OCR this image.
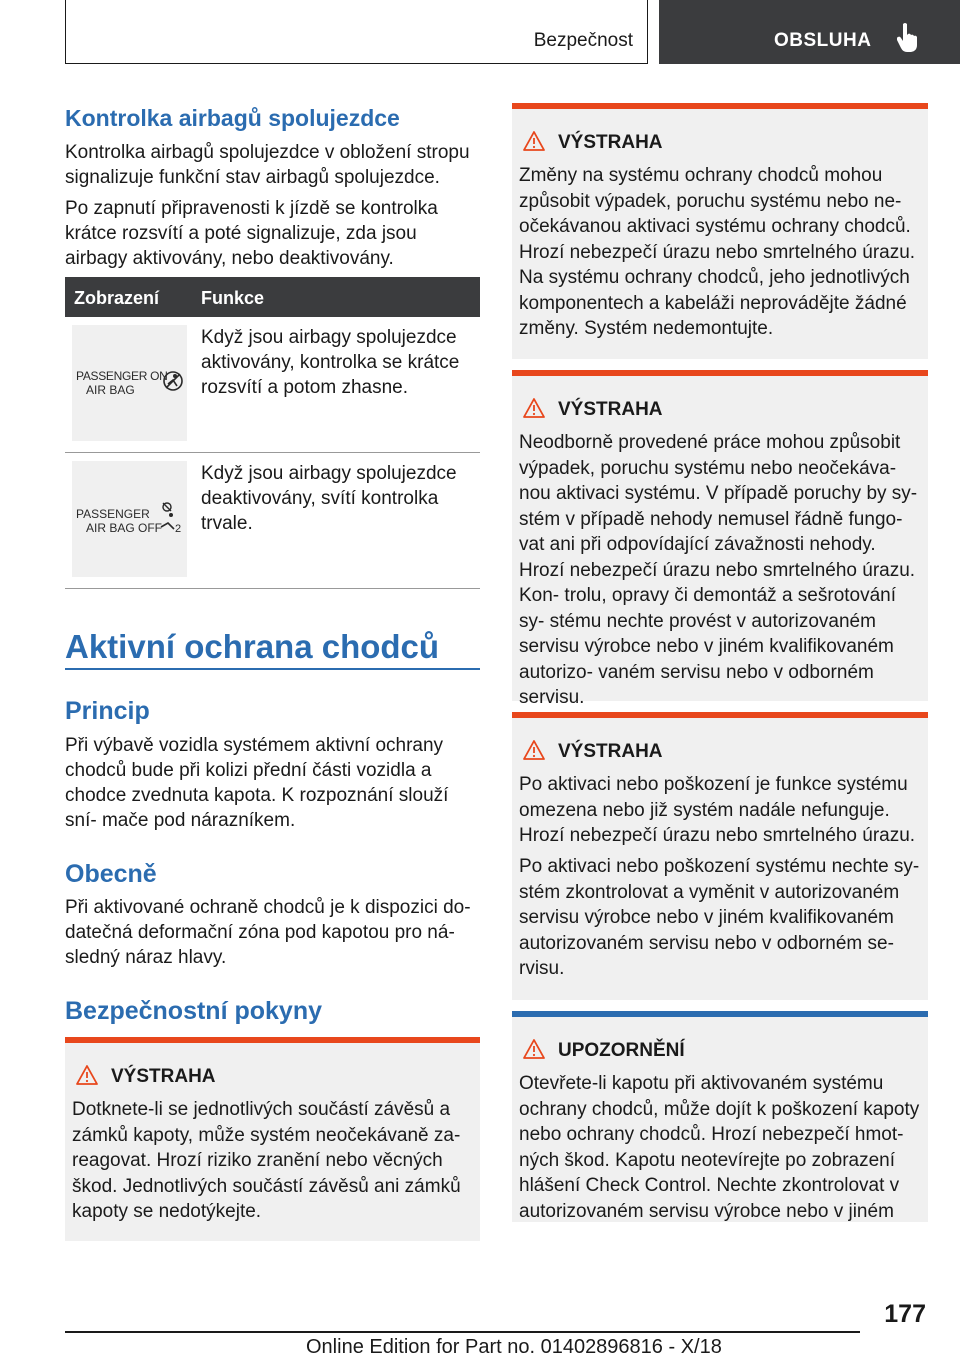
Bezpečnost	OBSLUHA
Kontrolka airbagů spolujezdce

Kontrolka airbagů spolujezdce v obložení stropu signalizuje funkční stav airbagů spolujezdce.

Po zapnutí připravenosti k jízdě se kontrolka krátce rozsvítí a poté signalizuje, zda jsou airbagy aktivovány, nebo deaktivovány.

Zobrazení Funkce
PASSENGER ON
AIR BAG
Když jsou airbagy spolujezdce aktivovány, kontrolka se krátce rozsvítí a potom zhasne.
PASSENGER
AIR BAG OFF 2
Když jsou airbagy spolujezdce deaktivovány, svítí kontrolka trvale.
Aktivní ochrana chodců
Princip

Při výbavě vozidla systémem aktivní ochrany chodců bude při kolizi přední části vozidla a chodce zvednuta kapota. K rozpoznání slouží sní‐ mače pod nárazníkem.

Obecně

Při aktivované ochraně chodců je k dispozici do‐ datečná deformační zóna pod kapotou pro ná‐ sledný náraz hlavy.

Bezpečnostní pokyny
VÝSTRAHA

Dotknete-li se jednotlivých součástí závěsů a zámků kapoty, může systém neočekávaně za‐ reagovat. Hrozí riziko zranění nebo věcných škod. Jednotlivých součástí závěsů ani zámků kapoty se nedotýkejte.

VÝSTRAHA

Změny na systému ochrany chodců mohou způsobit výpadek, poruchu systému nebo ne‐ očekávanou aktivaci systému ochrany chodců. Hrozí nebezpečí úrazu nebo smrtelného úrazu. Na systému ochrany chodců, jeho jednotlivých komponentech a kabeláži neprovádějte žádné změny. Systém nedemontujte.

VÝSTRAHA

Neodborně provedené práce mohou způsobit výpadek, poruchu systému nebo neočekáva‐ nou aktivaci systému. V případě poruchy by sy‐ stém v případě nehody nemusel řádně fungo‐ vat ani při odpovídající závažnosti nehody. Hrozí nebezpečí úrazu nebo smrtelného úrazu. Kon‐ trolu, opravy či demontáž a sešrotování sy‐ stému nechte provést v autorizovaném servisu výrobce nebo v jiném kvalifikovaném autorizo‐ vaném servisu nebo v odborném servisu.

VÝSTRAHA

Po aktivaci nebo poškození je funkce systému omezena nebo již systém nadále nefunguje. Hrozí nebezpečí úrazu nebo smrtelného úrazu.

Po aktivaci nebo poškození systému nechte sy‐ stém zkontrolovat a vyměnit v autorizovaném servisu výrobce nebo v jiném kvalifikovaném autorizovaném servisu nebo v odborném se‐ rvisu.

UPOZORNĚNÍ

Otevřete-li kapotu při aktivovaném systému ochrany chodců, může dojít k poškození kapoty nebo ochrany chodců. Hrozí nebezpečí hmot‐ ných škod. Kapotu neotevírejte po zobrazení hlášení Check Control. Nechte zkontrolovat v autorizovaném servisu výrobce nebo v jiném

177
Online Edition for Part no. 01402896816 - X/18
